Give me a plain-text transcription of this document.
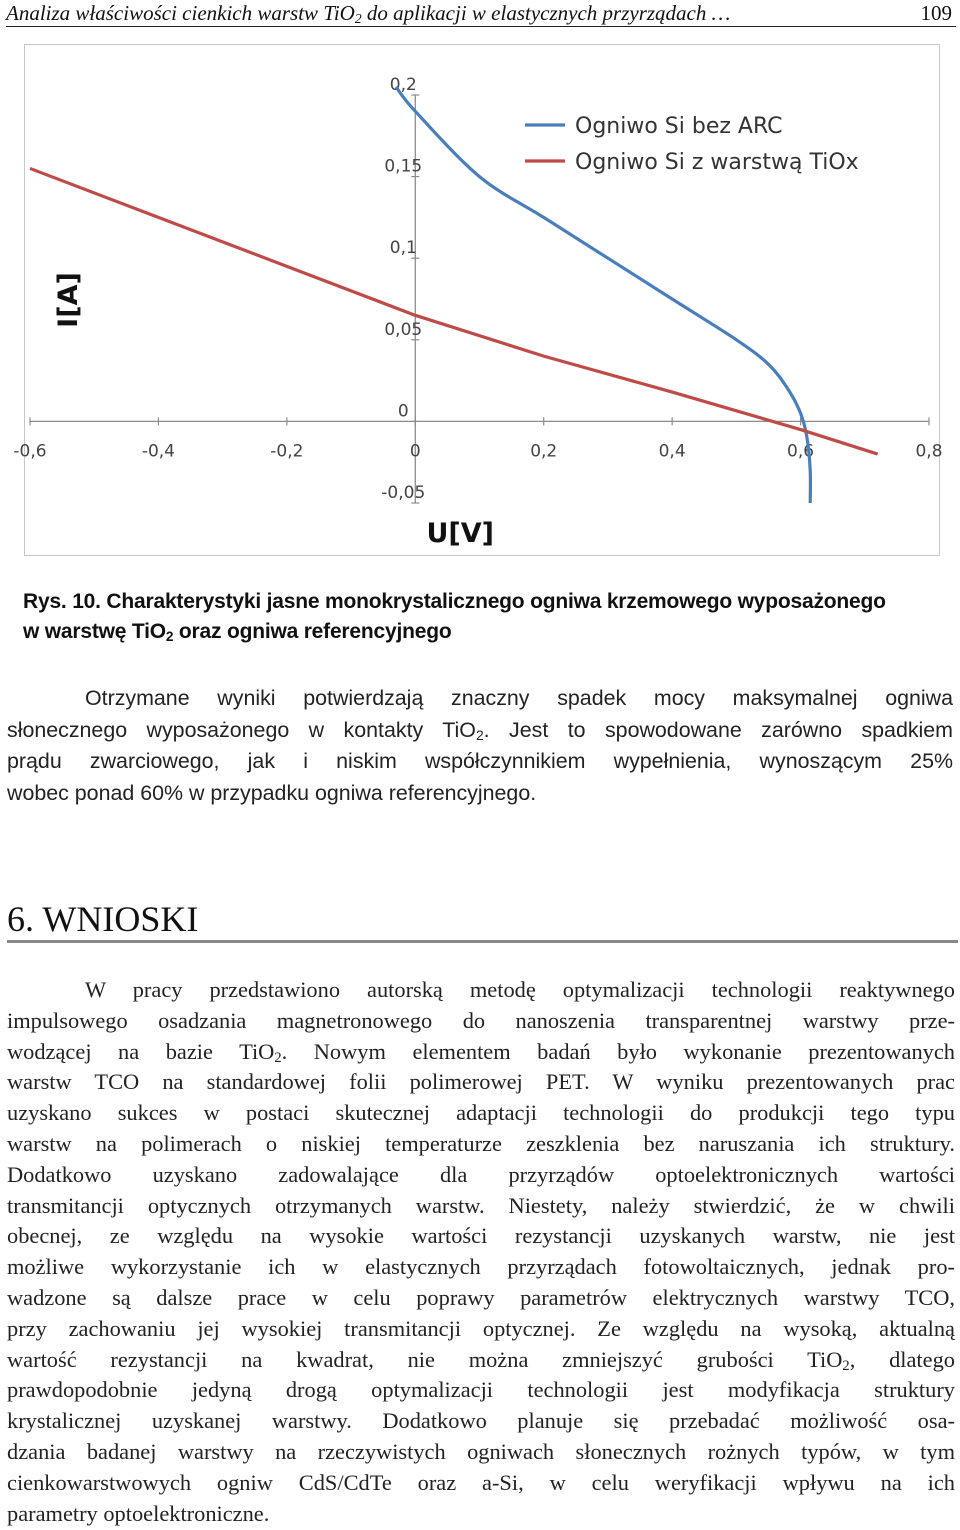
Analiza właściwości cienkich warstw TiO$_2$ do aplikacji w elastycznych przyrządach …	109
-0,6	-0,4	-0,2	0	0,2	0,4	0,6	0,8
0,2
0,15
0,1
0,05
0
-0,05
U[V]
I[A]
Ogniwo Si bez ARC
Ogniwo Si z warstwą TiOx
Rys. 10. Charakterystyki jasne monokrystalicznego ogniwa krzemowego wyposażonego
w warstwę TiO$_2$ oraz ogniwa referencyjnego
Otrzymane wyniki potwierdzają znaczny spadek mocy maksymalnej ogniwa
słonecznego wyposażonego w kontakty TiO$_2$. Jest to spowodowane zarówno spadkiem
prądu zwarciowego, jak i niskim współczynnikiem wypełnienia, wynoszącym 25%
wobec ponad 60% w przypadku ogniwa referencyjnego.
6. WNIOSKI
W pracy przedstawiono autorską metodę optymalizacji technologii reaktywnego
impulsowego osadzania magnetronowego do nanoszenia transparentnej warstwy prze-
wodzącej na bazie TiO$_2$. Nowym elementem badań było wykonanie prezentowanych
warstw TCO na standardowej folii polimerowej PET. W wyniku prezentowanych prac
uzyskano sukces w postaci skutecznej adaptacji technologii do produkcji tego typu
warstw na polimerach o niskiej temperaturze zeszklenia bez naruszania ich struktury.
Dodatkowo uzyskano zadowalające dla przyrządów optoelektronicznych wartości
transmitancji optycznych otrzymanych warstw. Niestety, należy stwierdzić, że w chwili
obecnej, ze względu na wysokie wartości rezystancji uzyskanych warstw, nie jest
możliwe wykorzystanie ich w elastycznych przyrządach fotowoltaicznych, jednak pro-
wadzone są dalsze prace w celu poprawy parametrów elektrycznych warstwy TCO,
przy zachowaniu jej wysokiej transmitancji optycznej. Ze względu na wysoką, aktualną
wartość rezystancji na kwadrat, nie można zmniejszyć grubości TiO$_2$, dlatego
prawdopodobnie jedyną drogą optymalizacji technologii jest modyfikacja struktury
krystalicznej uzyskanej warstwy. Dodatkowo planuje się przebadać możliwość osa-
dzania badanej warstwy na rzeczywistych ogniwach słonecznych rożnych typów, w tym
cienkowarstwowych ogniw CdS/CdTe oraz a-Si, w celu weryfikacji wpływu na ich
parametry optoelektroniczne.
